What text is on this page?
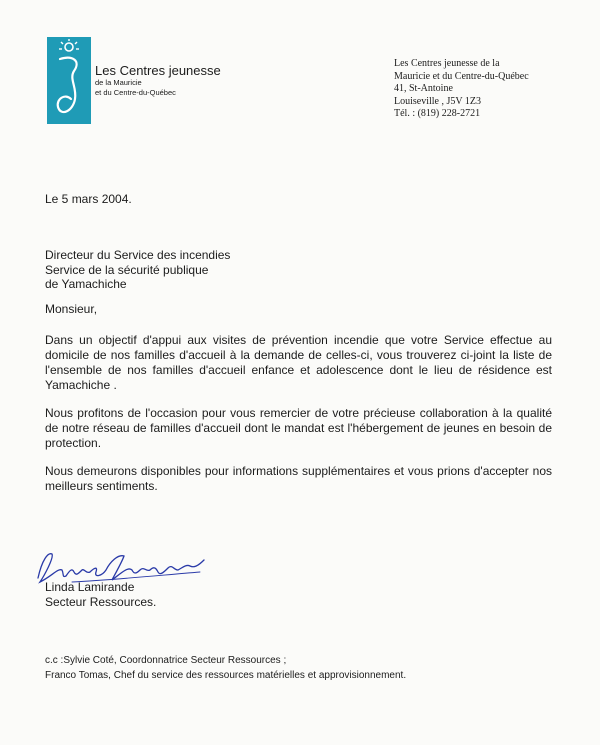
Les Centres jeunesse
de la Mauricie
et du Centre-du-Québec
Les Centres jeunesse de la
Mauricie et du Centre-du-Québec
41, St-Antoine
Louiseville , J5V 1Z3
Tél. : (819) 228-2721
Le 5 mars 2004.
Directeur du Service des incendies
Service de la sécurité publique
de Yamachiche
Monsieur,
Dans un objectif d'appui aux visites de prévention incendie que votre Service effectue au domicile de nos familles d'accueil à la demande de celles-ci, vous trouverez ci-joint la liste de l'ensemble de nos familles d'accueil enfance et adolescence dont le lieu de résidence est Yamachiche .
Nous profitons de l'occasion pour vous remercier de votre précieuse collaboration à la qualité de notre réseau de familles d'accueil dont le mandat est l'hébergement de jeunes en besoin de protection.
Nous demeurons disponibles pour informations supplémentaires et vous prions d'accepter nos meilleurs sentiments.
Linda Lamirande
Secteur Ressources.
c.c :Sylvie Coté, Coordonnatrice Secteur Ressources ;
Franco Tomas, Chef du service des ressources matérielles et approvisionnement.
